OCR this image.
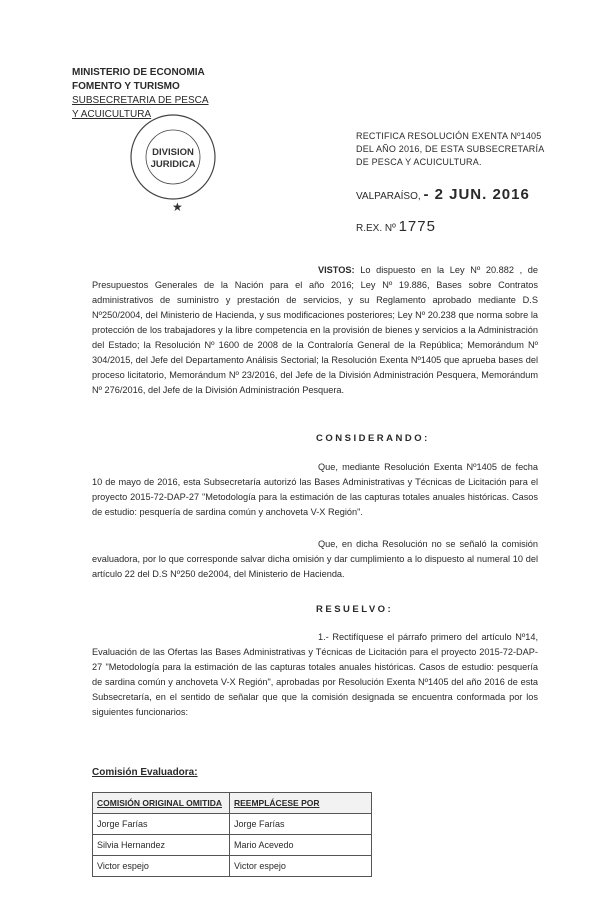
MINISTERIO DE ECONOMIA
FOMENTO Y TURISMO
SUBSECRETARIA DE PESCA
Y ACUICULTURA
DIVISION
JURIDICA
★
RECTIFICA RESOLUCIÓN EXENTA Nº1405 DEL AÑO 2016, DE ESTA SUBSECRETARÍA DE PESCA Y ACUICULTURA.
VALPARAÍSO, - 2 JUN. 2016
R.EX. Nº 1775
VISTOS: Lo dispuesto en la Ley Nº 20.882 , de Presupuestos Generales de la Nación para el año 2016; Ley Nº 19.886, Bases sobre Contratos administrativos de suministro y prestación de servicios, y su Reglamento aprobado mediante D.S Nº250/2004, del Ministerio de Hacienda, y sus modificaciones posteriores; Ley Nº 20.238 que norma sobre la protección de los trabajadores y la libre competencia en la provisión de bienes y servicios a la Administración del Estado; la Resolución Nº 1600 de 2008 de la Contraloría General de la República; Memorándum Nº 304/2015, del Jefe del Departamento Análisis Sectorial; la Resolución Exenta Nº1405 que aprueba bases del proceso licitatorio, Memorándum Nº 23/2016, del Jefe de la División Administración Pesquera, Memorándum Nº 276/2016, del Jefe de la División Administración Pesquera.
CONSIDERANDO:
Que, mediante Resolución Exenta Nº1405 de fecha 10 de mayo de 2016, esta Subsecretaría autorizó las Bases Administrativas y Técnicas de Licitación para el proyecto 2015-72-DAP-27 "Metodología para la estimación de las capturas totales anuales históricas. Casos de estudio: pesquería de sardina común y anchoveta V-X Región".
Que, en dicha Resolución no se señaló la comisión evaluadora, por lo que corresponde salvar dicha omisión y dar cumplimiento a lo dispuesto al numeral 10 del artículo 22 del D.S Nº250 de2004, del Ministerio de Hacienda.
RESUELVO:
1.- Rectifíquese el párrafo primero del artículo Nº14, Evaluación de las Ofertas las Bases Administrativas y Técnicas de Licitación para el proyecto 2015-72-DAP-27 "Metodología para la estimación de las capturas totales anuales históricas. Casos de estudio: pesquería de sardina común y anchoveta V-X Región", aprobadas por Resolución Exenta Nº1405 del año 2016 de esta Subsecretaría, en el sentido de señalar que que la comisión designada se encuentra conformada por los siguientes funcionarios:
Comisión Evaluadora:
COMISIÓN ORIGINAL OMITIDA	REEMPLÁCESE POR
Jorge Farías	Jorge Farías
Silvia Hernandez	Mario Acevedo
Victor espejo	Victor espejo
